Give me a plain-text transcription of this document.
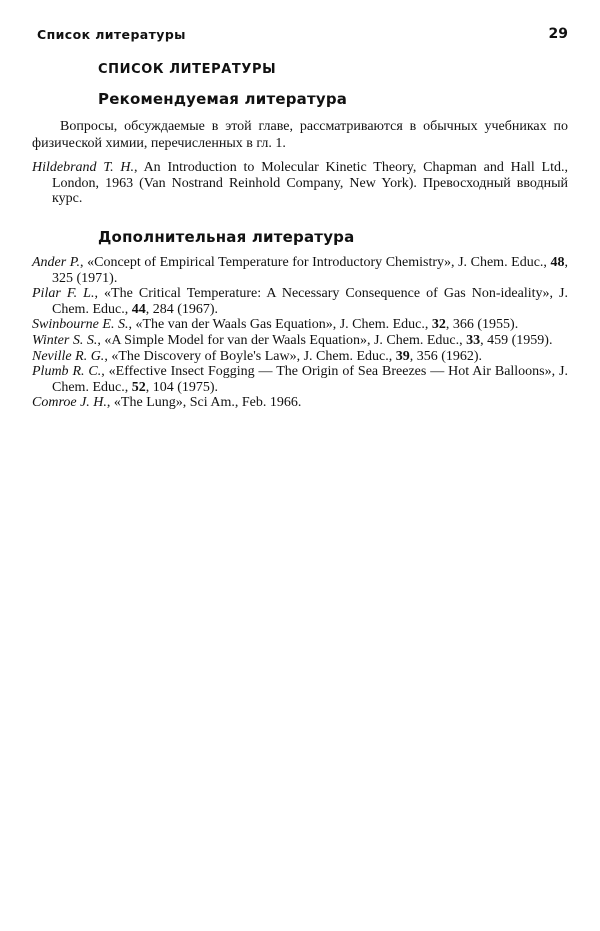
Список литературы	29
СПИСОК ЛИТЕРАТУРЫ
Рекомендуемая литература

Вопросы, обсуждаемые в этой главе, рассматриваются в обычных учебниках по физической химии, перечисленных в гл. 1.

Hildebrand T. H., An Introduction to Molecular Kinetic Theory, Chapman and Hall Ltd., London, 1963 (Van Nostrand Reinhold Company, New York). Превосходный вводный курс.
Дополнительная литература
Ander P., «Concept of Empirical Temperature for Introductory Chemistry», J. Chem. Educ., 48, 325 (1971).
Pilar F. L., «The Critical Temperature: A Necessary Consequence of Gas Non-ideality», J. Chem. Educ., 44, 284 (1967).
Swinbourne E. S., «The van der Waals Gas Equation», J. Chem. Educ., 32, 366 (1955).
Winter S. S., «A Simple Model for van der Waals Equation», J. Chem. Educ., 33, 459 (1959).
Neville R. G., «The Discovery of Boyle's Law», J. Chem. Educ., 39, 356 (1962).
Plumb R. C., «Effective Insect Fogging — The Origin of Sea Breezes — Hot Air Balloons», J. Chem. Educ., 52, 104 (1975).
Comroe J. H., «The Lung», Sci Am., Feb. 1966.
